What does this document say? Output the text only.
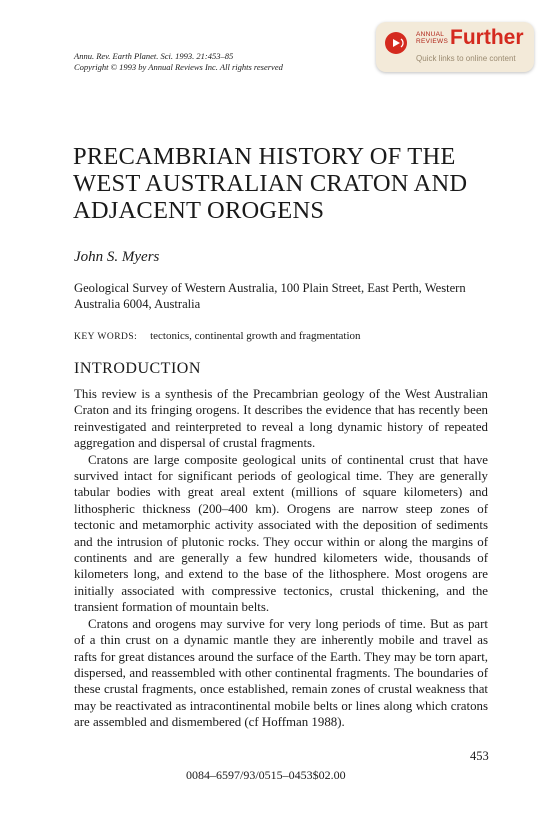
Annu. Rev. Earth Planet. Sci. 1993. 21:453–85
Copyright © 1993 by Annual Reviews Inc. All rights reserved
ANNUAL
REVIEWS Further
Quick links to online content
PRECAMBRIAN HISTORY OF THE
WEST AUSTRALIAN CRATON AND
ADJACENT OROGENS
John S. Myers
Geological Survey of Western Australia, 100 Plain Street, East Perth, Western Australia 6004, Australia
KEY WORDS: tectonics, continental growth and fragmentation
INTRODUCTION

This review is a synthesis of the Precambrian geology of the West Australian Craton and its fringing orogens. It describes the evidence that has recently been reinvestigated and reinterpreted to reveal a long dynamic history of repeated aggregation and dispersal of crustal fragments.

Cratons are large composite geological units of continental crust that have survived intact for significant periods of geological time. They are generally tabular bodies with great areal extent (millions of square kilometers) and lithospheric thickness (200–400 km). Orogens are narrow steep zones of tectonic and metamorphic activity associated with the deposition of sediments and the intrusion of plutonic rocks. They occur within or along the margins of continents and are generally a few hundred kilometers wide, thousands of kilometers long, and extend to the base of the lithosphere. Most orogens are initially associated with compressive tectonics, crustal thickening, and the transient formation of mountain belts.

Cratons and orogens may survive for very long periods of time. But as part of a thin crust on a dynamic mantle they are inherently mobile and travel as rafts for great distances around the surface of the Earth. They may be torn apart, dispersed, and reassembled with other continental fragments. The boundaries of these crustal fragments, once established, remain zones of crustal weakness that may be reactivated as intracontinental mobile belts or lines along which cratons are assembled and dismembered (cf Hoffman 1988).

453
0084–6597/93/0515–0453$02.00
